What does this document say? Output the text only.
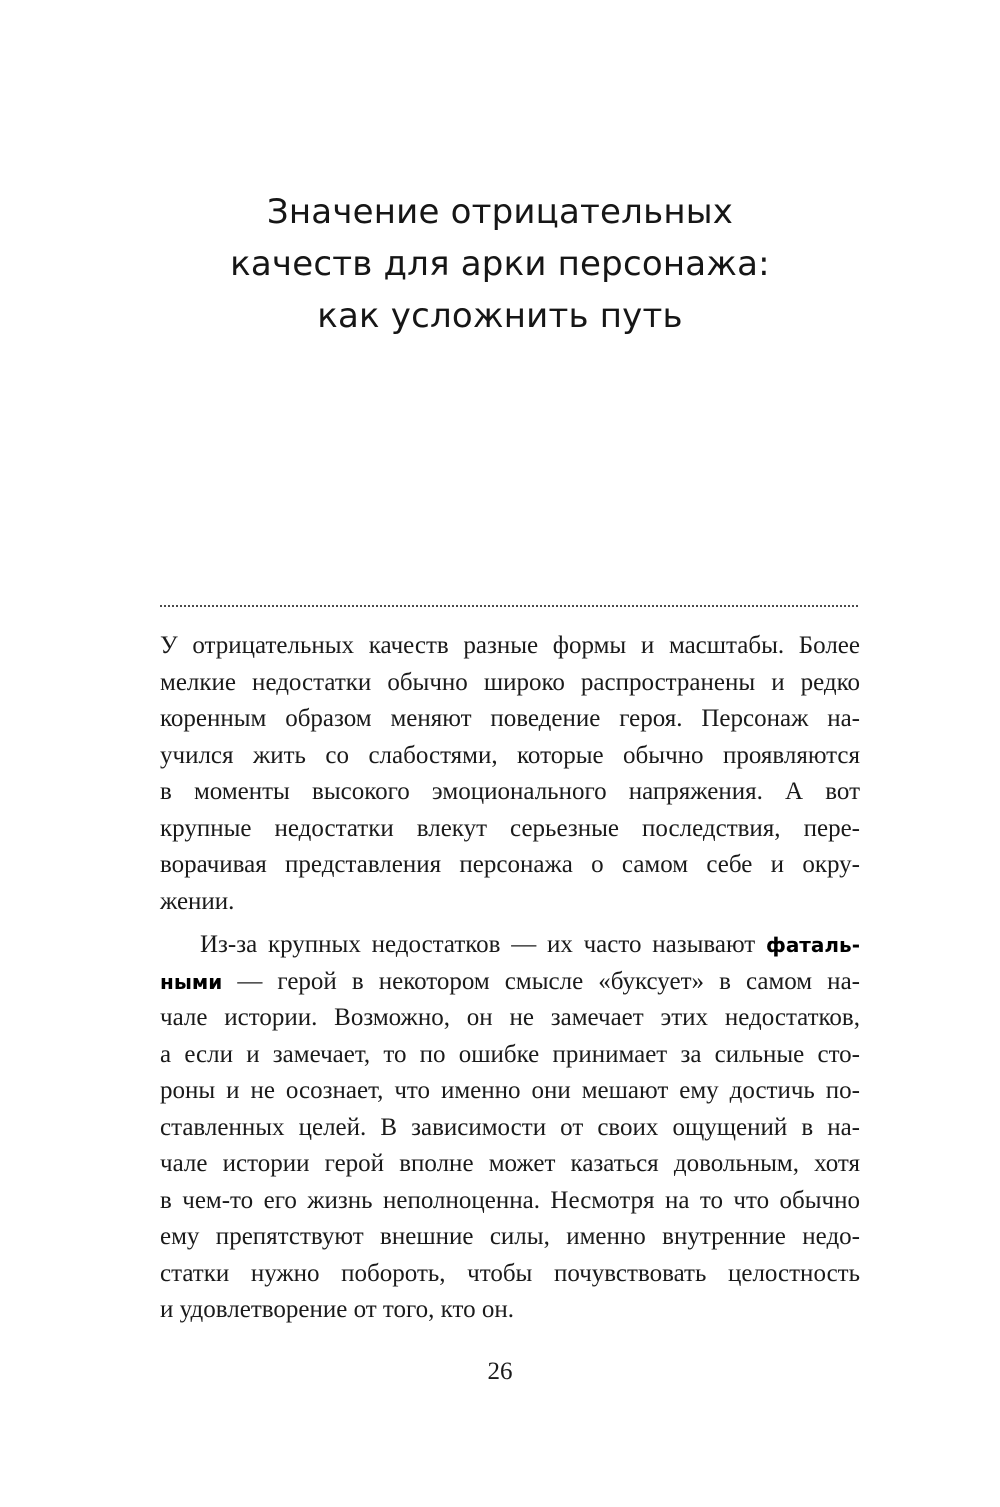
Значение отрицательных
качеств для арки персонажа:
как усложнить путь

У отрицательных качеств разные формы и масштабы. Более
мелкие недостатки обычно широко распространены и редко
коренным образом меняют поведение героя. Персонаж на-
учился жить со слабостями, которые обычно проявляются
в моменты высокого эмоционального напряжения. А вот
крупные недостатки влекут серьезные последствия, пере-
ворачивая представления персонажа о самом себе и окру-
жении.

Из-за крупных недостатков — их часто называют фаталь-
ными — герой в некотором смысле «буксует» в самом на-
чале истории. Возможно, он не замечает этих недостатков,
а если и замечает, то по ошибке принимает за сильные сто-
роны и не осознает, что именно они мешают ему достичь по-
ставленных целей. В зависимости от своих ощущений в на-
чале истории герой вполне может казаться довольным, хотя
в чем-то его жизнь неполноценна. Несмотря на то что обычно
ему препятствуют внешние силы, именно внутренние недо-
статки нужно побороть, чтобы почувствовать целостность
и удовлетворение от того, кто он.

26
